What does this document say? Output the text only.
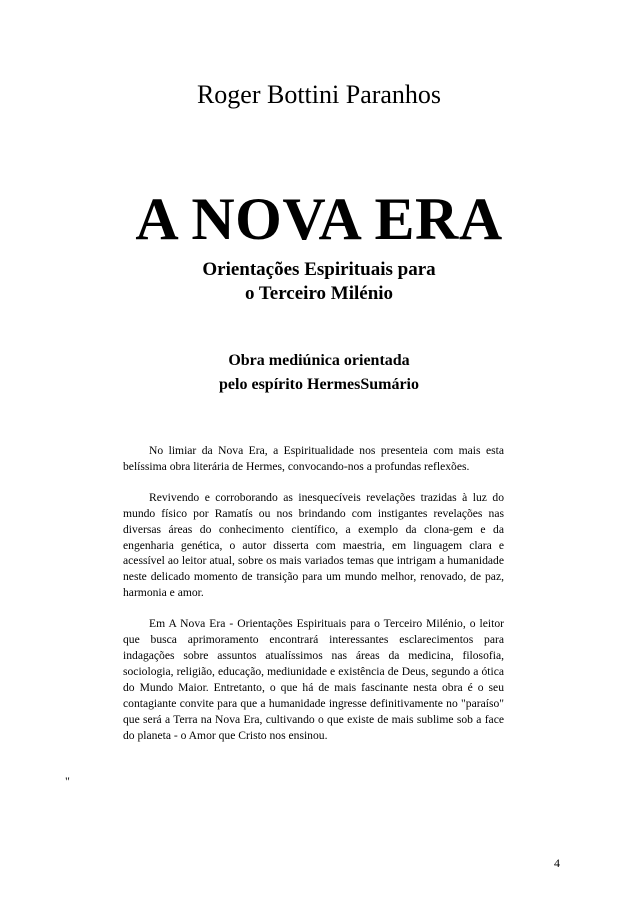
Roger Bottini Paranhos
A NOVA ERA
Orientações Espirituais para
o Terceiro Milénio
Obra mediúnica orientada
pelo espírito HermesSumário

No limiar da Nova Era, a Espiritualidade nos presenteia com mais esta belíssima obra literária de Hermes, convocando-nos a profundas reflexões.

Revivendo e corroborando as inesquecíveis revelações trazidas à luz do mundo físico por Ramatís ou nos brindando com instigantes revelações nas diversas áreas do conhecimento científico, a exemplo da clona-gem e da engenharia genética, o autor disserta com maestria, em linguagem clara e acessível ao leitor atual, sobre os mais variados temas que intrigam a humanidade neste delicado momento de transição para um mundo melhor, renovado, de paz, harmonia e amor.

Em A Nova Era - Orientações Espirituais para o Terceiro Milénio, o leitor que busca aprimoramento encontrará interessantes esclarecimentos para indagações sobre assuntos atualíssimos nas áreas da medicina, filosofia, sociologia, religião, educação, mediunidade e existência de Deus, segundo a ótica do Mundo Maior. Entretanto, o que há de mais fascinante nesta obra é o seu contagiante convite para que a humanidade ingresse definitivamente no "paraíso" que será a Terra na Nova Era, cultivando o que existe de mais sublime sob a face do planeta - o Amor que Cristo nos ensinou.

"
4
